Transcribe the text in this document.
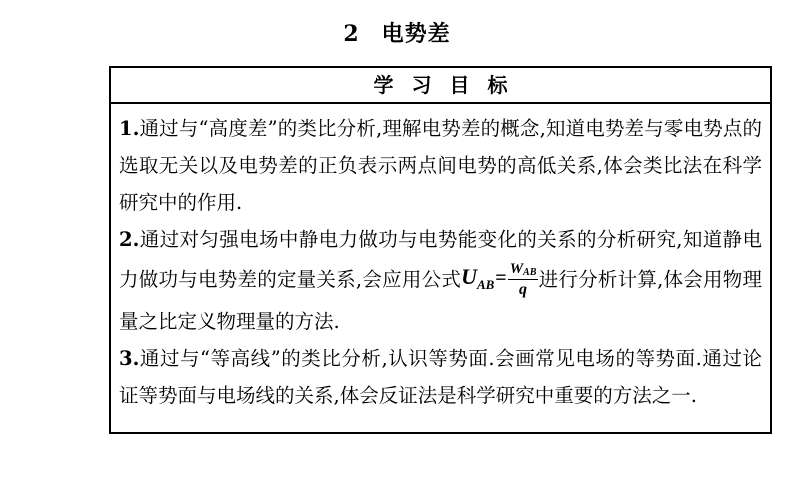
2 电势差
学习目标

1.通过与“高度差”的类比分析,理解电势差的概念,知道电势差与零电势点的选取无关以及电势差的正负表示两点间电势的高低关系,体会类比法在科学研究中的作用.

2.通过对匀强电场中静电力做功与电势能变化的关系的分析研究,知道静电力做功与电势差的定量关系,会应用公式$U_{AB}= \frac{\text{WAB}}{q}$ 进行分析计算,体会用物理量之比定义物理量的方法.

3.通过与“等高线”的类比分析,认识等势面.会画常见电场的等势面.通过论证等势面与电场线的关系,体会反证法是科学研究中重要的方法之一.
